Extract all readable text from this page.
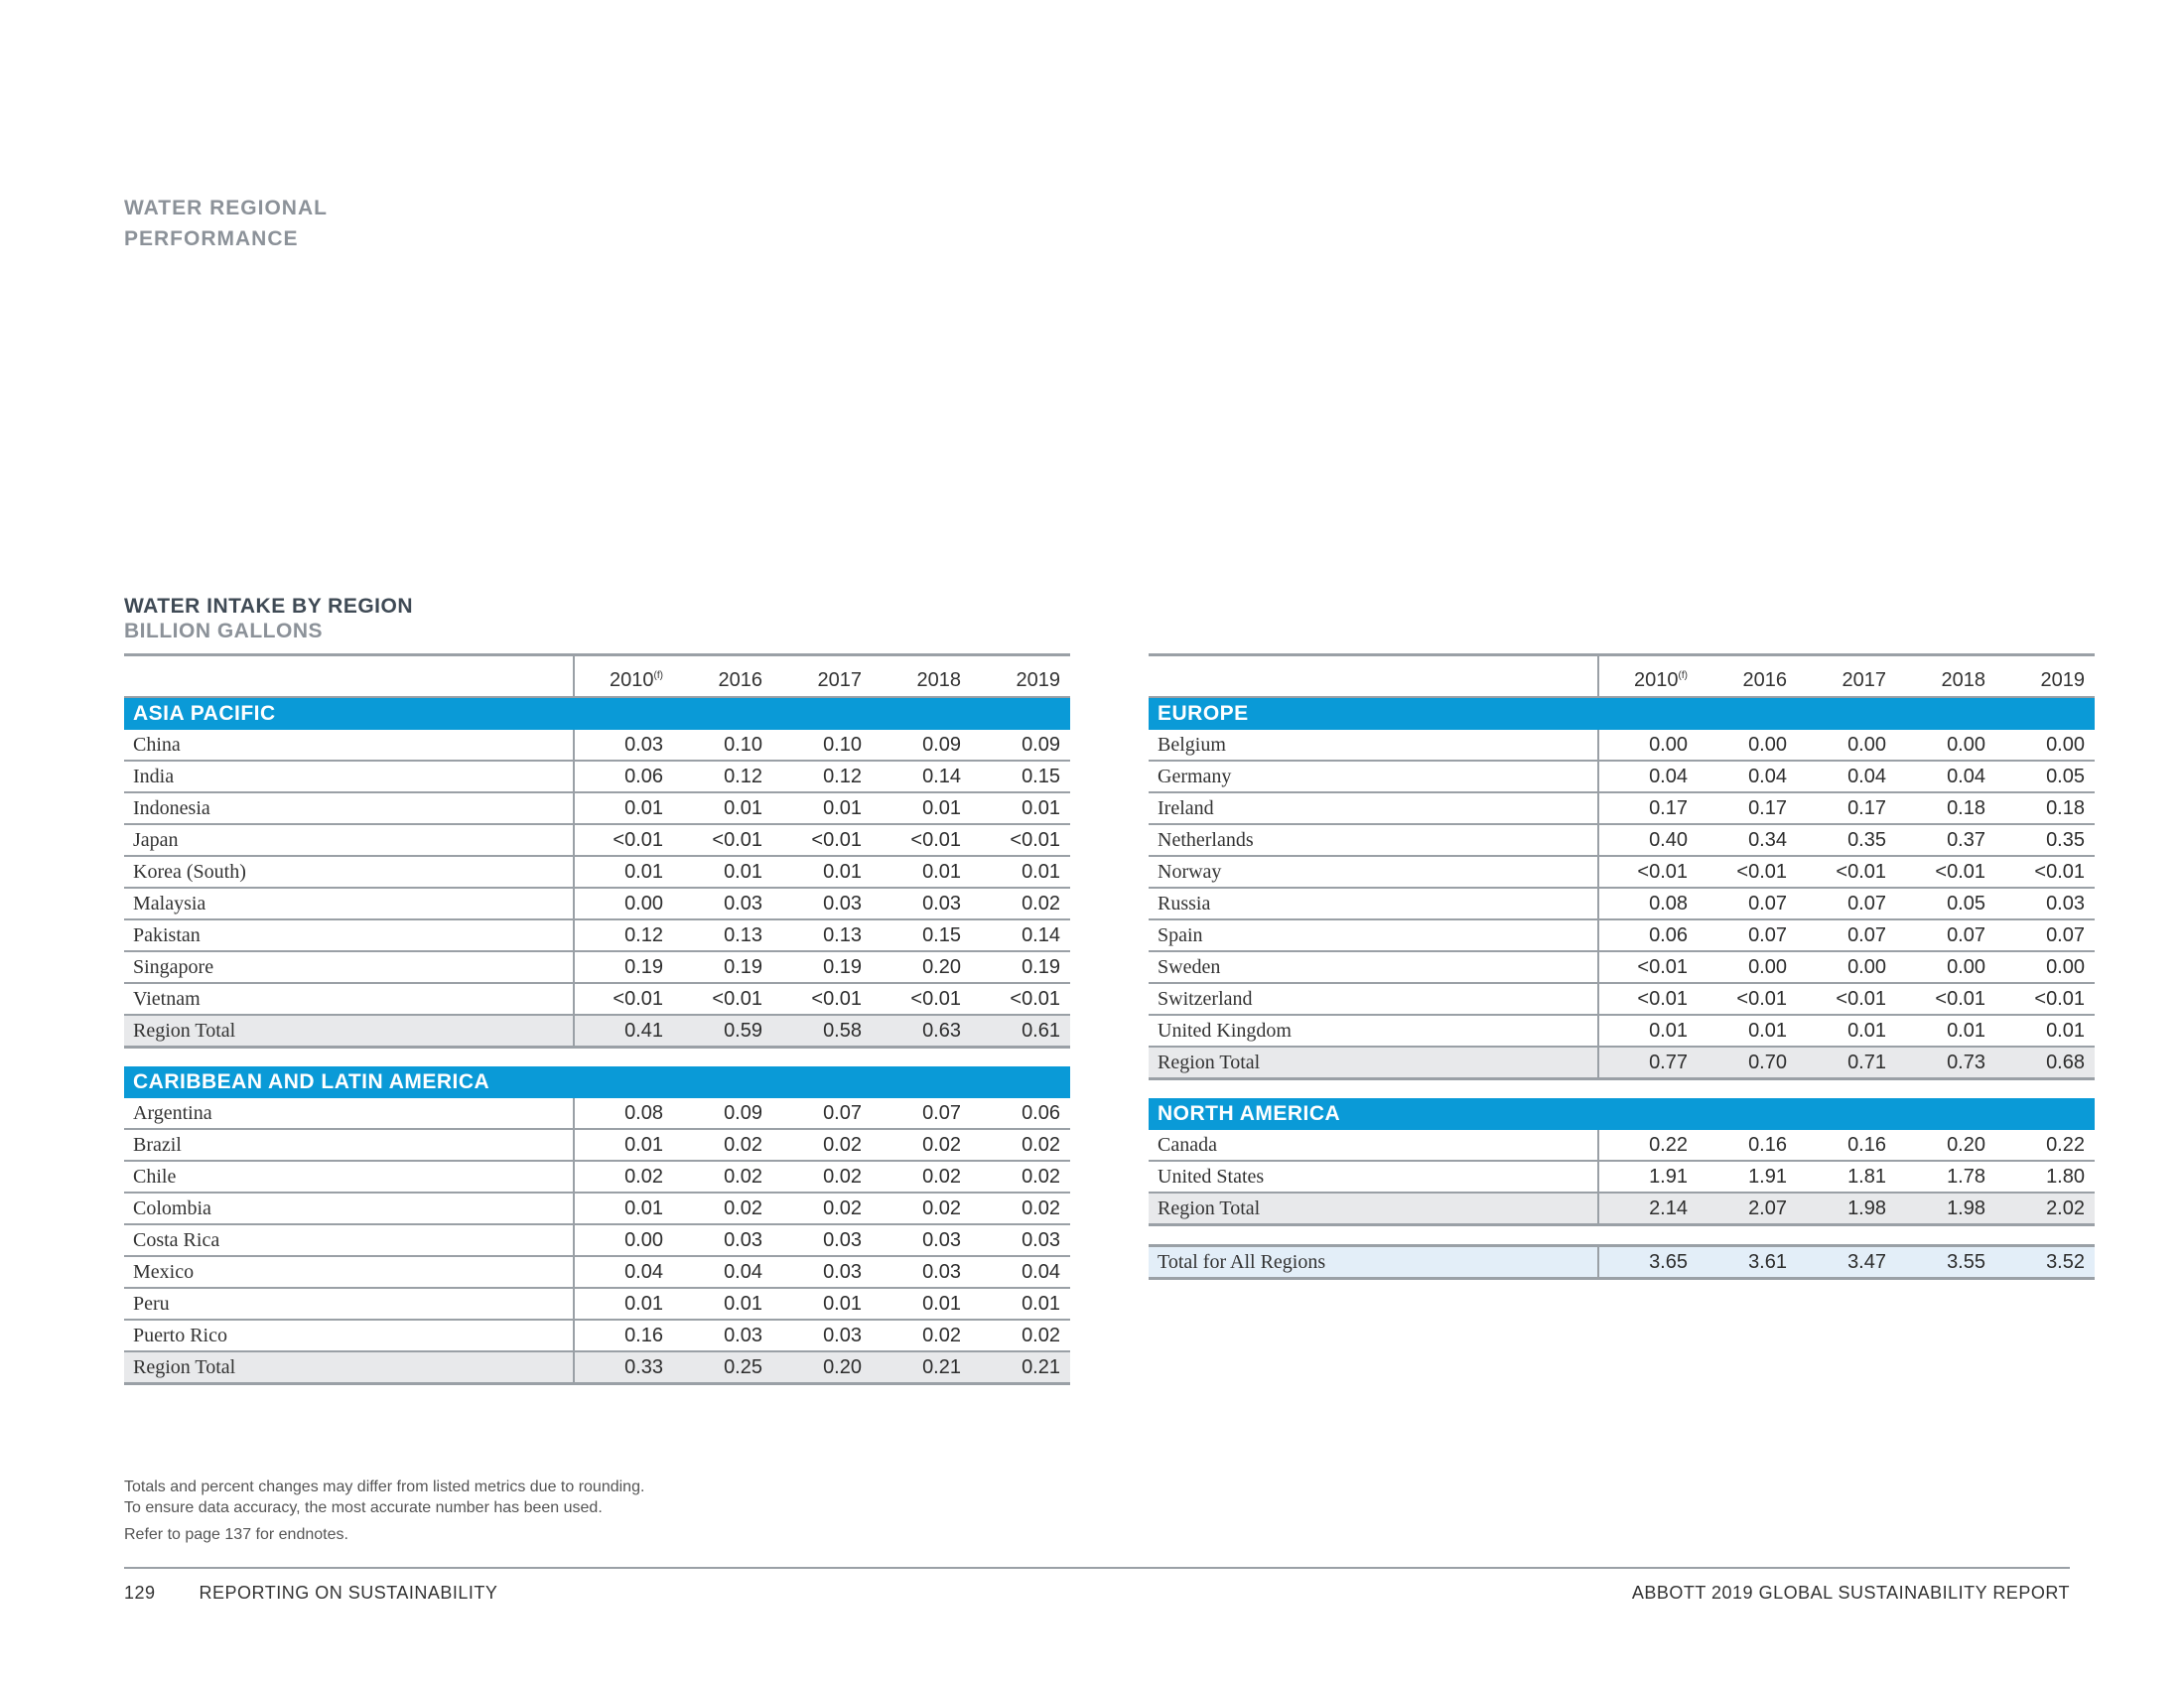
WATER REGIONAL
PERFORMANCE
WATER INTAKE BY REGION
BILLION GALLONS
	2010$^{(f)}$	2016	2017	2018	2019
ASIA PACIFIC					
China	0.03	0.10	0.10	0.09	0.09
India	0.06	0.12	0.12	0.14	0.15
Indonesia	0.01	0.01	0.01	0.01	0.01
Japan	<0.01	<0.01	<0.01	<0.01	<0.01
Korea (South)	0.01	0.01	0.01	0.01	0.01
Malaysia	0.00	0.03	0.03	0.03	0.02
Pakistan	0.12	0.13	0.13	0.15	0.14
Singapore	0.19	0.19	0.19	0.20	0.19
Vietnam	<0.01	<0.01	<0.01	<0.01	<0.01
Region Total	0.41	0.59	0.58	0.63	0.61

CARIBBEAN AND LATIN AMERICA					
Argentina	0.08	0.09	0.07	0.07	0.06
Brazil	0.01	0.02	0.02	0.02	0.02
Chile	0.02	0.02	0.02	0.02	0.02
Colombia	0.01	0.02	0.02	0.02	0.02
Costa Rica	0.00	0.03	0.03	0.03	0.03
Mexico	0.04	0.04	0.03	0.03	0.04
Peru	0.01	0.01	0.01	0.01	0.01
Puerto Rico	0.16	0.03	0.03	0.02	0.02
Region Total	0.33	0.25	0.20	0.21	0.21
	2010$^{(f)}$	2016	2017	2018	2019
EUROPE					
Belgium	0.00	0.00	0.00	0.00	0.00
Germany	0.04	0.04	0.04	0.04	0.05
Ireland	0.17	0.17	0.17	0.18	0.18
Netherlands	0.40	0.34	0.35	0.37	0.35
Norway	<0.01	<0.01	<0.01	<0.01	<0.01
Russia	0.08	0.07	0.07	0.05	0.03
Spain	0.06	0.07	0.07	0.07	0.07
Sweden	<0.01	0.00	0.00	0.00	0.00
Switzerland	<0.01	<0.01	<0.01	<0.01	<0.01
United Kingdom	0.01	0.01	0.01	0.01	0.01
Region Total	0.77	0.70	0.71	0.73	0.68

NORTH AMERICA					
Canada	0.22	0.16	0.16	0.20	0.22
United States	1.91	1.91	1.81	1.78	1.80
Region Total	2.14	2.07	1.98	1.98	2.02

Total for All Regions	3.65	3.61	3.47	3.55	3.52
Totals and percent changes may differ from listed metrics due to rounding.
To ensure data accuracy, the most accurate number has been used.
Refer to page 137 for endnotes.
129 REPORTING ON SUSTAINABILITY	ABBOTT 2019 GLOBAL SUSTAINABILITY REPORT
